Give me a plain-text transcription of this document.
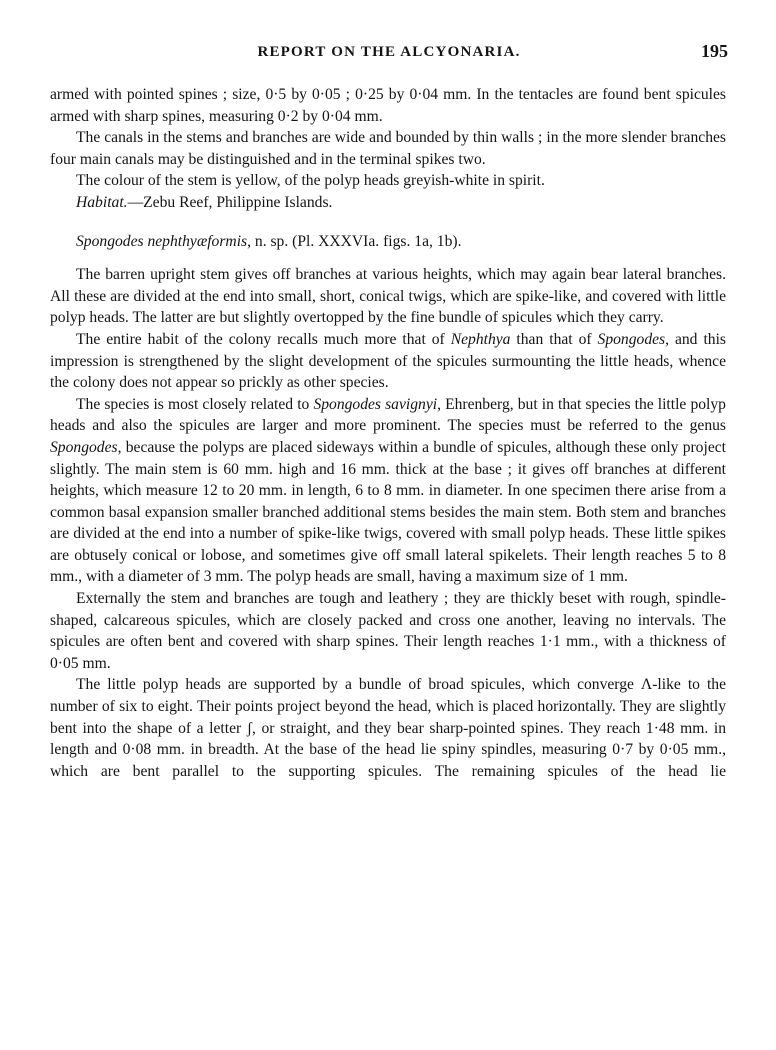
REPORT ON THE ALCYONARIA.	195

armed with pointed spines ; size, 0·5 by 0·05 ; 0·25 by 0·04 mm. In the tentacles are found bent spicules armed with sharp spines, measuring 0·2 by 0·04 mm.

The canals in the stems and branches are wide and bounded by thin walls ; in the more slender branches four main canals may be distinguished and in the terminal spikes two.

The colour of the stem is yellow, of the polyp heads greyish-white in spirit.

Habitat.—Zebu Reef, Philippine Islands.

Spongodes nephthyæformis, n. sp. (Pl. XXXVIa. figs. 1a, 1b).

The barren upright stem gives off branches at various heights, which may again bear lateral branches. All these are divided at the end into small, short, conical twigs, which are spike-like, and covered with little polyp heads. The latter are but slightly overtopped by the fine bundle of spicules which they carry.

The entire habit of the colony recalls much more that of Nephthya than that of Spongodes, and this impression is strengthened by the slight development of the spicules surmounting the little heads, whence the colony does not appear so prickly as other species.

The species is most closely related to Spongodes savignyi, Ehrenberg, but in that species the little polyp heads and also the spicules are larger and more prominent. The species must be referred to the genus Spongodes, because the polyps are placed sideways within a bundle of spicules, although these only project slightly. The main stem is 60 mm. high and 16 mm. thick at the base ; it gives off branches at different heights, which measure 12 to 20 mm. in length, 6 to 8 mm. in diameter. In one specimen there arise from a common basal expansion smaller branched additional stems besides the main stem. Both stem and branches are divided at the end into a number of spike-like twigs, covered with small polyp heads. These little spikes are obtusely conical or lobose, and sometimes give off small lateral spikelets. Their length reaches 5 to 8 mm., with a diameter of 3 mm. The polyp heads are small, having a maximum size of 1 mm.

Externally the stem and branches are tough and leathery ; they are thickly beset with rough, spindle-shaped, calcareous spicules, which are closely packed and cross one another, leaving no intervals. The spicules are often bent and covered with sharp spines. Their length reaches 1·1 mm., with a thickness of 0·05 mm.

The little polyp heads are supported by a bundle of broad spicules, which converge Λ-like to the number of six to eight. Their points project beyond the head, which is placed horizontally. They are slightly bent into the shape of a letter ʃ, or straight, and they bear sharp-pointed spines. They reach 1·48 mm. in length and 0·08 mm. in breadth. At the base of the head lie spiny spindles, measuring 0·7 by 0·05 mm., which are bent parallel to the supporting spicules. The remaining spicules of the head lie
